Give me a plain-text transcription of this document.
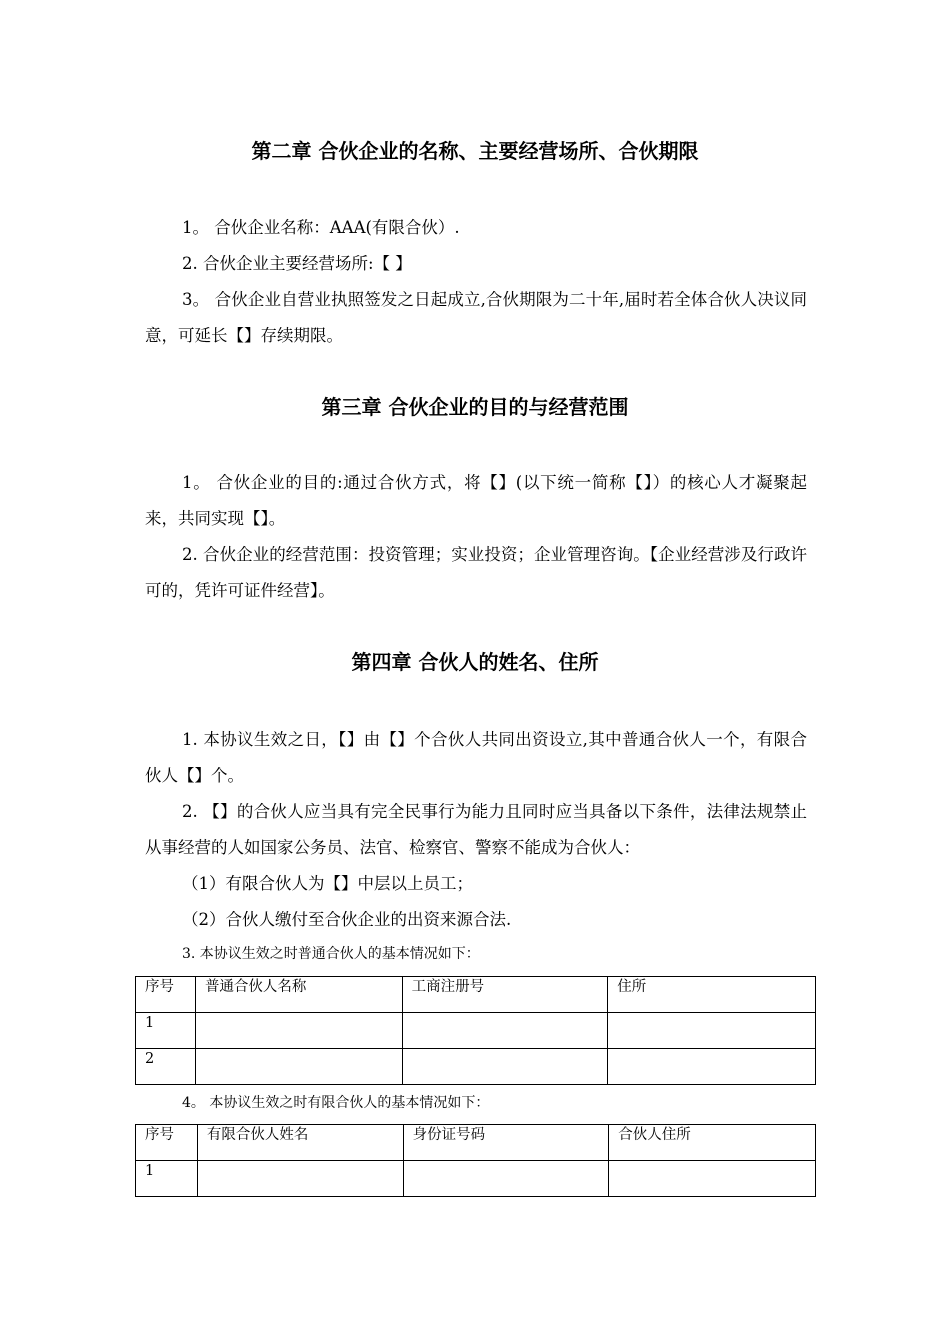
第二章 合伙企业的名称、主要经营场所、合伙期限
1。 合伙企业名称：AAA(有限合伙）.
2. 合伙企业主要经营场所:【 】
3。 合伙企业自营业执照签发之日起成立,合伙期限为二十年,届时若全体合伙人决议同意，可延长【】存续期限。
第三章 合伙企业的目的与经营范围
1。 合伙企业的目的:通过合伙方式，将【】(以下统一简称【】）的核心人才凝聚起来，共同实现【】。
2. 合伙企业的经营范围：投资管理；实业投资；企业管理咨询。【企业经营涉及行政许可的，凭许可证件经营】。
第四章 合伙人的姓名、住所
1. 本协议生效之日，【】由【】个合伙人共同出资设立,其中普通合伙人一个，有限合伙人【】个。
2. 【】的合伙人应当具有完全民事行为能力且同时应当具备以下条件，法律法规禁止从事经营的人如国家公务员、法官、检察官、警察不能成为合伙人：
（1）有限合伙人为【】中层以上员工；
（2）合伙人缴付至合伙企业的出资来源合法.
3. 本协议生效之时普通合伙人的基本情况如下：
序号	普通合伙人名称	工商注册号	住所
1			
2			
4。 本协议生效之时有限合伙人的基本情况如下：
序号	有限合伙人姓名	身份证号码	合伙人住所
1			
